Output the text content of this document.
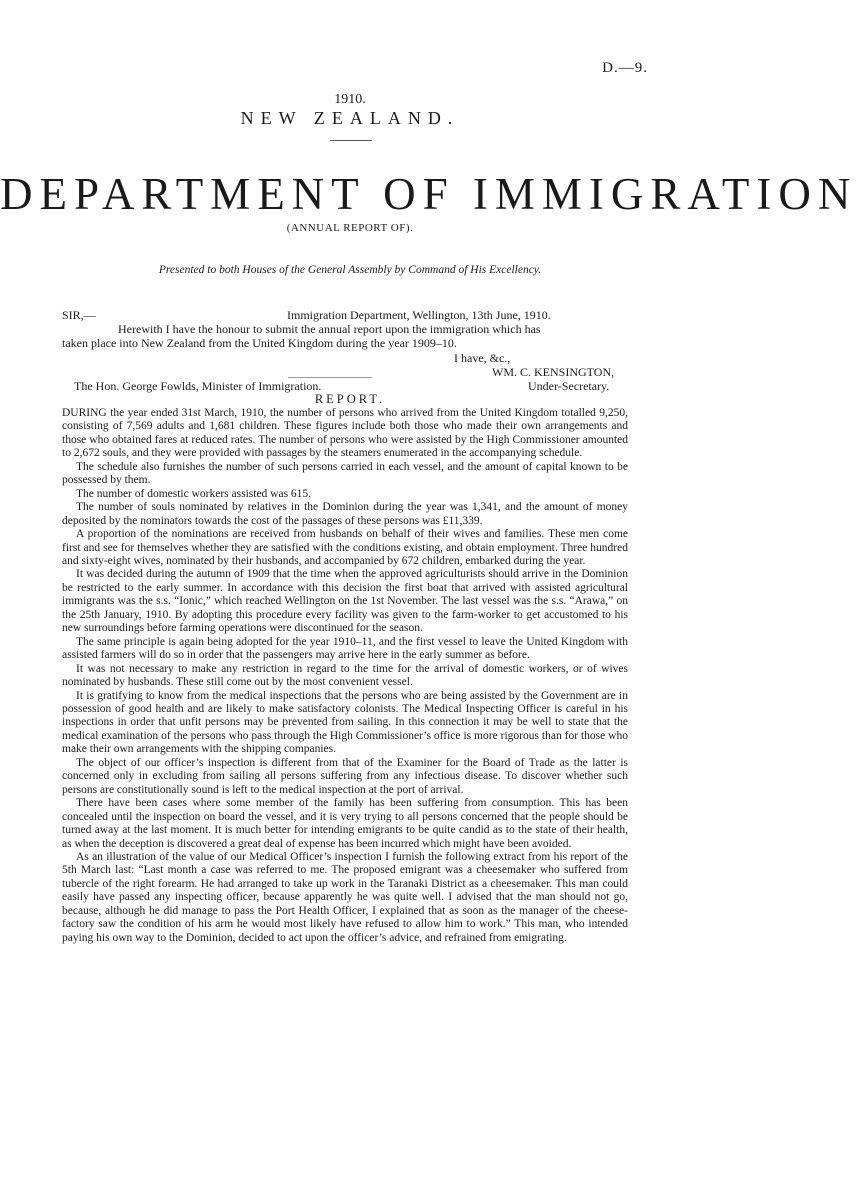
D.—9.
1910.
NEW ZEALAND.
DEPARTMENT OF IMMIGRATION
(ANNUAL REPORT OF).
Presented to both Houses of the General Assembly by Command of His Excellency.
SIR,—	Immigration Department, Wellington, 13th June, 1910.
Herewith I have the honour to submit the annual report upon the immigration which has
taken place into New Zealand from the United Kingdom during the year 1909–10.
I have, &c.,
WM. C. KENSINGTON,
The Hon. George Fowlds, Minister of Immigration.	Under-Secretary.
REPORT.

DURING the year ended 31st March, 1910, the number of persons who arrived from the United Kingdom totalled 9,250, consisting of 7,569 adults and 1,681 children. These figures include both those who made their own arrangements and those who obtained fares at reduced rates. The number of persons who were assisted by the High Commissioner amounted to 2,672 souls, and they were provided with passages by the steamers enumerated in the accompanying schedule.

The schedule also furnishes the number of such persons carried in each vessel, and the amount of capital known to be possessed by them.

The number of domestic workers assisted was 615.

The number of souls nominated by relatives in the Dominion during the year was 1,341, and the amount of money deposited by the nominators towards the cost of the passages of these persons was £11,339.

A proportion of the nominations are received from husbands on behalf of their wives and families. These men come first and see for themselves whether they are satisfied with the conditions existing, and obtain employment. Three hundred and sixty-eight wives, nominated by their husbands, and accompanied by 672 children, embarked during the year.

It was decided during the autumn of 1909 that the time when the approved agriculturists should arrive in the Dominion be restricted to the early summer. In accordance with this decision the first boat that arrived with assisted agricultural immigrants was the s.s. “Ionic,” which reached Wellington on the 1st November. The last vessel was the s.s. “Arawa,” on the 25th January, 1910. By adopting this procedure every facility was given to the farm-worker to get accustomed to his new surroundings before farming operations were discontinued for the season.

The same principle is again being adopted for the year 1910–11, and the first vessel to leave the United Kingdom with assisted farmers will do so in order that the passengers may arrive here in the early summer as before.

It was not necessary to make any restriction in regard to the time for the arrival of domestic workers, or of wives nominated by husbands. These still come out by the most convenient vessel.

It is gratifying to know from the medical inspections that the persons who are being assisted by the Government are in possession of good health and are likely to make satisfactory colonists. The Medical Inspecting Officer is careful in his inspections in order that unfit persons may be prevented from sailing. In this connection it may be well to state that the medical examination of the persons who pass through the High Commissioner’s office is more rigorous than for those who make their own arrangements with the shipping companies.

The object of our officer’s inspection is different from that of the Examiner for the Board of Trade as the latter is concerned only in excluding from sailing all persons suffering from any infectious disease. To discover whether such persons are constitutionally sound is left to the medical inspection at the port of arrival.

There have been cases where some member of the family has been suffering from consumption. This has been concealed until the inspection on board the vessel, and it is very trying to all persons concerned that the people should be turned away at the last moment. It is much better for intending emigrants to be quite candid as to the state of their health, as when the deception is discovered a great deal of expense has been incurred which might have been avoided.

As an illustration of the value of our Medical Officer’s inspection I furnish the following extract from his report of the 5th March last: “Last month a case was referred to me. The proposed emigrant was a cheesemaker who suffered from tubercle of the right forearm. He had arranged to take up work in the Taranaki District as a cheesemaker. This man could easily have passed any inspecting officer, because apparently he was quite well. I advised that the man should not go, because, although he did manage to pass the Port Health Officer, I explained that as soon as the manager of the cheese-factory saw the condition of his arm he would most likely have refused to allow him to work.” This man, who intended paying his own way to the Dominion, decided to act upon the officer’s advice, and refrained from emigrating.
